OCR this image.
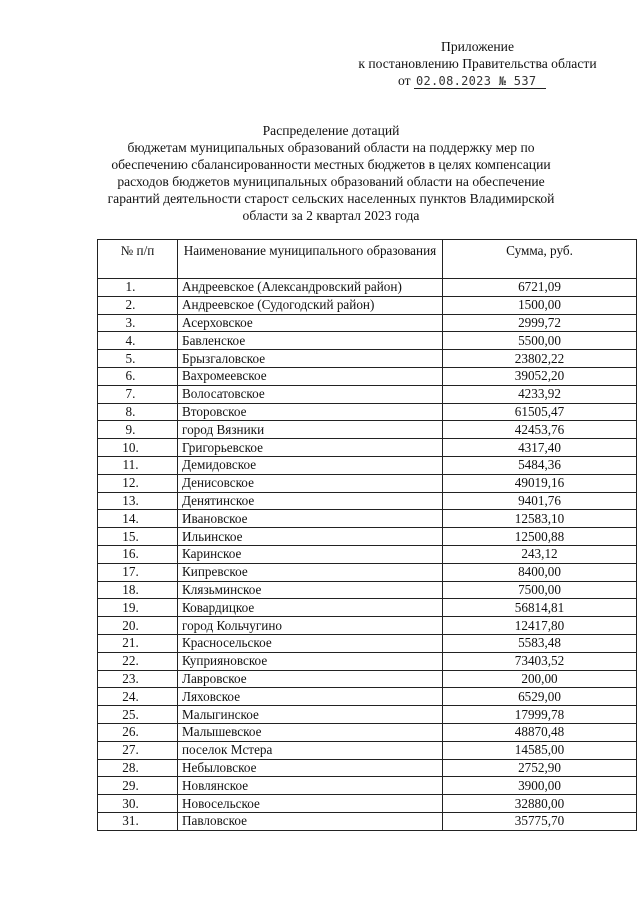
Приложение
к постановлению Правительства области
от 02.08.2023 № 537
Распределение дотаций
бюджетам муниципальных образований области на поддержку мер по
обеспечению сбалансированности местных бюджетов в целях компенсации
расходов бюджетов муниципальных образований области на обеспечение
гарантий деятельности старост сельских населенных пунктов Владимирской
области за 2 квартал 2023 года
№ п/п	Наименование муниципального образования	Сумма, руб.
1.	Андреевское (Александровский район)	6721,09
2.	Андреевское (Судогодский район)	1500,00
3.	Асерховское	2999,72
4.	Бавленское	5500,00
5.	Брызгаловское	23802,22
6.	Вахромеевское	39052,20
7.	Волосатовское	4233,92
8.	Второвское	61505,47
9.	город Вязники	42453,76
10.	Григорьевское	4317,40
11.	Демидовское	5484,36
12.	Денисовское	49019,16
13.	Денятинское	9401,76
14.	Ивановское	12583,10
15.	Ильинское	12500,88
16.	Каринское	243,12
17.	Кипревское	8400,00
18.	Клязьминское	7500,00
19.	Ковардицкое	56814,81
20.	город Кольчугино	12417,80
21.	Красносельское	5583,48
22.	Куприяновское	73403,52
23.	Лавровское	200,00
24.	Ляховское	6529,00
25.	Малыгинское	17999,78
26.	Малышевское	48870,48
27.	поселок Мстера	14585,00
28.	Небыловское	2752,90
29.	Новлянское	3900,00
30.	Новосельское	32880,00
31.	Павловское	35775,70
